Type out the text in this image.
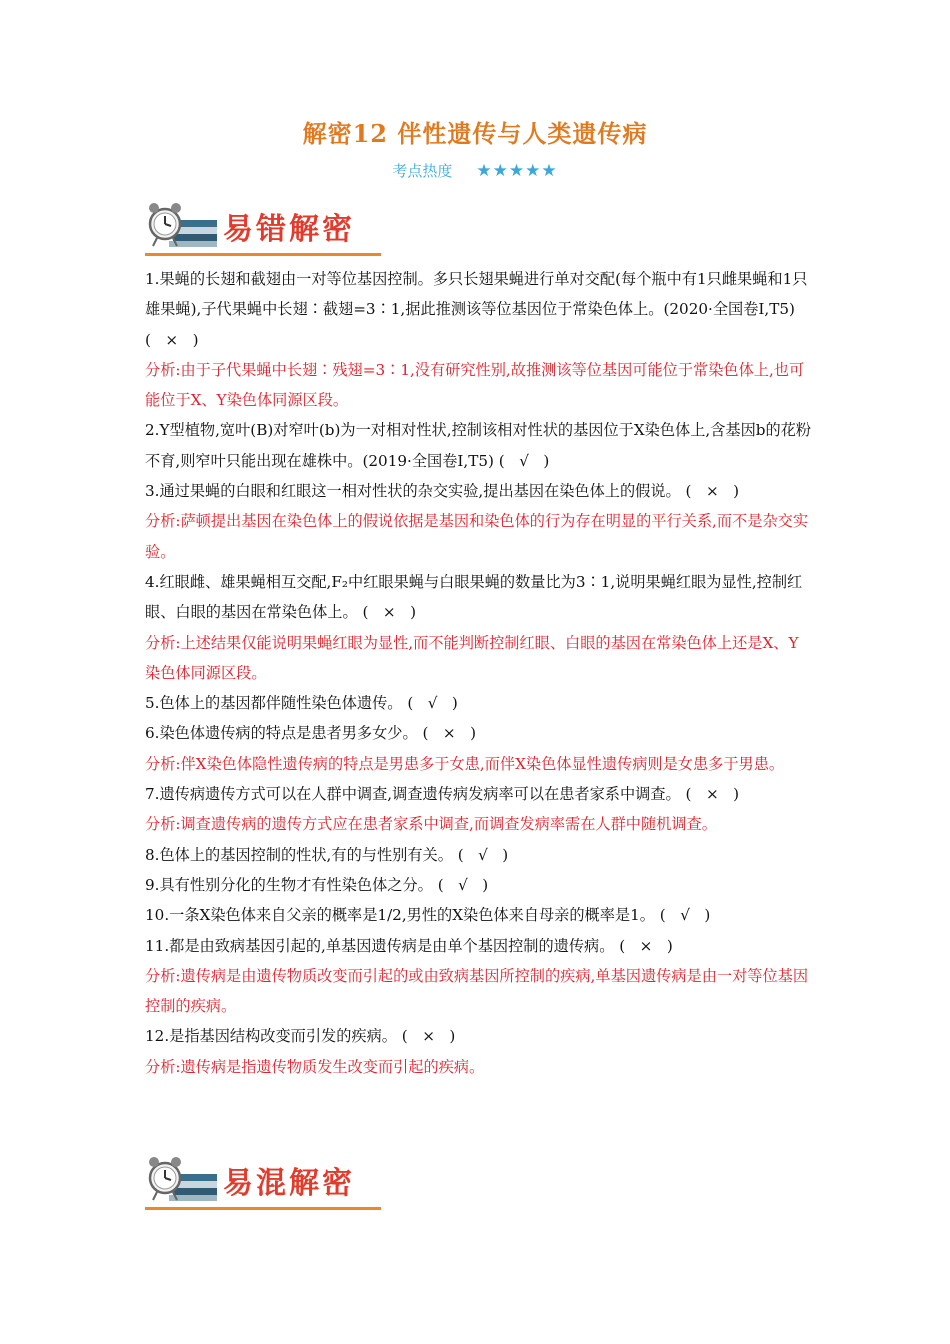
解密12 伴性遗传与人类遗传病
考点热度 ★★★★★
易错解密

1.果蝇的长翅和截翅由一对等位基因控制。多只长翅果蝇进行单对交配(每个瓶中有1只雌果蝇和1只雄果蝇),子代果蝇中长翅∶截翅=3∶1,据此推测该等位基因位于常染色体上。(2020·全国卷Ⅰ,T5) (   ×   )

分析:由于子代果蝇中长翅∶残翅=3∶1,没有研究性别,故推测该等位基因可能位于常染色体上,也可能位于X、Y染色体同源区段。

2.Y型植物,宽叶(B)对窄叶(b)为一对相对性状,控制该相对性状的基因位于X染色体上,含基因b的花粉不育,则窄叶只能出现在雄株中。(2019·全国卷Ⅰ,T5) (   √   )

3.通过果蝇的白眼和红眼这一相对性状的杂交实验,提出基因在染色体上的假说。 (   ×   )

分析:萨顿提出基因在染色体上的假说依据是基因和染色体的行为存在明显的平行关系,而不是杂交实验。

4.红眼雌、雄果蝇相互交配,F₂中红眼果蝇与白眼果蝇的数量比为3∶1,说明果蝇红眼为显性,控制红眼、白眼的基因在常染色体上。 (   ×   )

分析:上述结果仅能说明果蝇红眼为显性,而不能判断控制红眼、白眼的基因在常染色体上还是X、Y染色体同源区段。

5.色体上的基因都伴随性染色体遗传。 (   √   )

6.染色体遗传病的特点是患者男多女少。 (   ×   )

分析:伴X染色体隐性遗传病的特点是男患多于女患,而伴X染色体显性遗传病则是女患多于男患。

7.遗传病遗传方式可以在人群中调查,调查遗传病发病率可以在患者家系中调查。 (   ×   )

分析:调查遗传病的遗传方式应在患者家系中调查,而调查发病率需在人群中随机调查。

8.色体上的基因控制的性状,有的与性别有关。 (   √   )

9.具有性别分化的生物才有性染色体之分。 (   √   )

10.一条X染色体来自父亲的概率是1/2,男性的X染色体来自母亲的概率是1。 (   √   )

11.都是由致病基因引起的,单基因遗传病是由单个基因控制的遗传病。 (   ×   )

分析:遗传病是由遗传物质改变而引起的或由致病基因所控制的疾病,单基因遗传病是由一对等位基因控制的疾病。

12.是指基因结构改变而引发的疾病。 (   ×   )

分析:遗传病是指遗传物质发生改变而引起的疾病。

易混解密
